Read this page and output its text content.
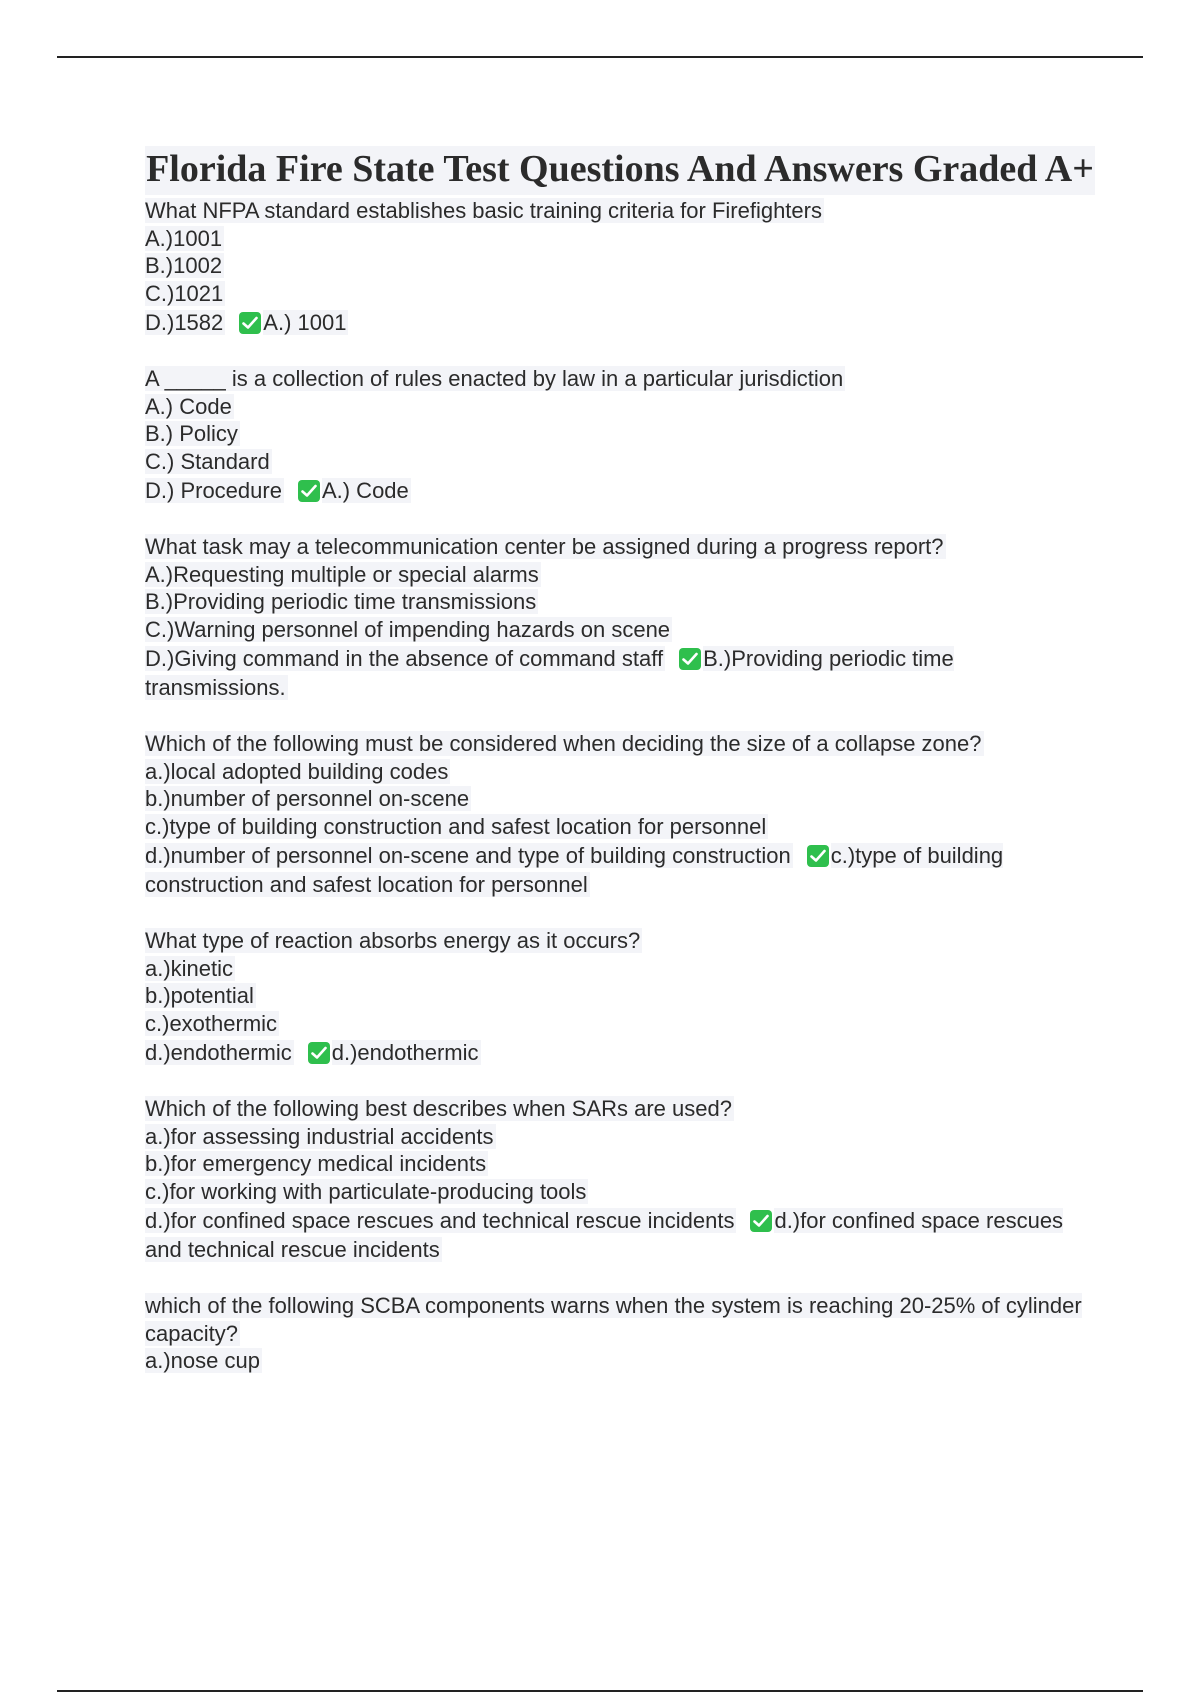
Florida Fire State Test Questions And Answers Graded A+
What NFPA standard establishes basic training criteria for Firefighters
A.)1001
B.)1002
C.)1021
D.)1582 A.) 1001
A _____ is a collection of rules enacted by law in a particular jurisdiction
A.) Code
B.) Policy
C.) Standard
D.) Procedure A.) Code
What task may a telecommunication center be assigned during a progress report?
A.)Requesting multiple or special alarms
B.)Providing periodic time transmissions
C.)Warning personnel of impending hazards on scene
D.)Giving command in the absence of command staff B.)Providing periodic time transmissions.
Which of the following must be considered when deciding the size of a collapse zone?
a.)local adopted building codes
b.)number of personnel on-scene
c.)type of building construction and safest location for personnel
d.)number of personnel on-scene and type of building construction c.)type of building construction and safest location for personnel
What type of reaction absorbs energy as it occurs?
a.)kinetic
b.)potential
c.)exothermic
d.)endothermic d.)endothermic
Which of the following best describes when SARs are used?
a.)for assessing industrial accidents
b.)for emergency medical incidents
c.)for working with particulate-producing tools
d.)for confined space rescues and technical rescue incidents d.)for confined space rescues and technical rescue incidents
which of the following SCBA components warns when the system is reaching 20-25% of cylinder capacity?
a.)nose cup
